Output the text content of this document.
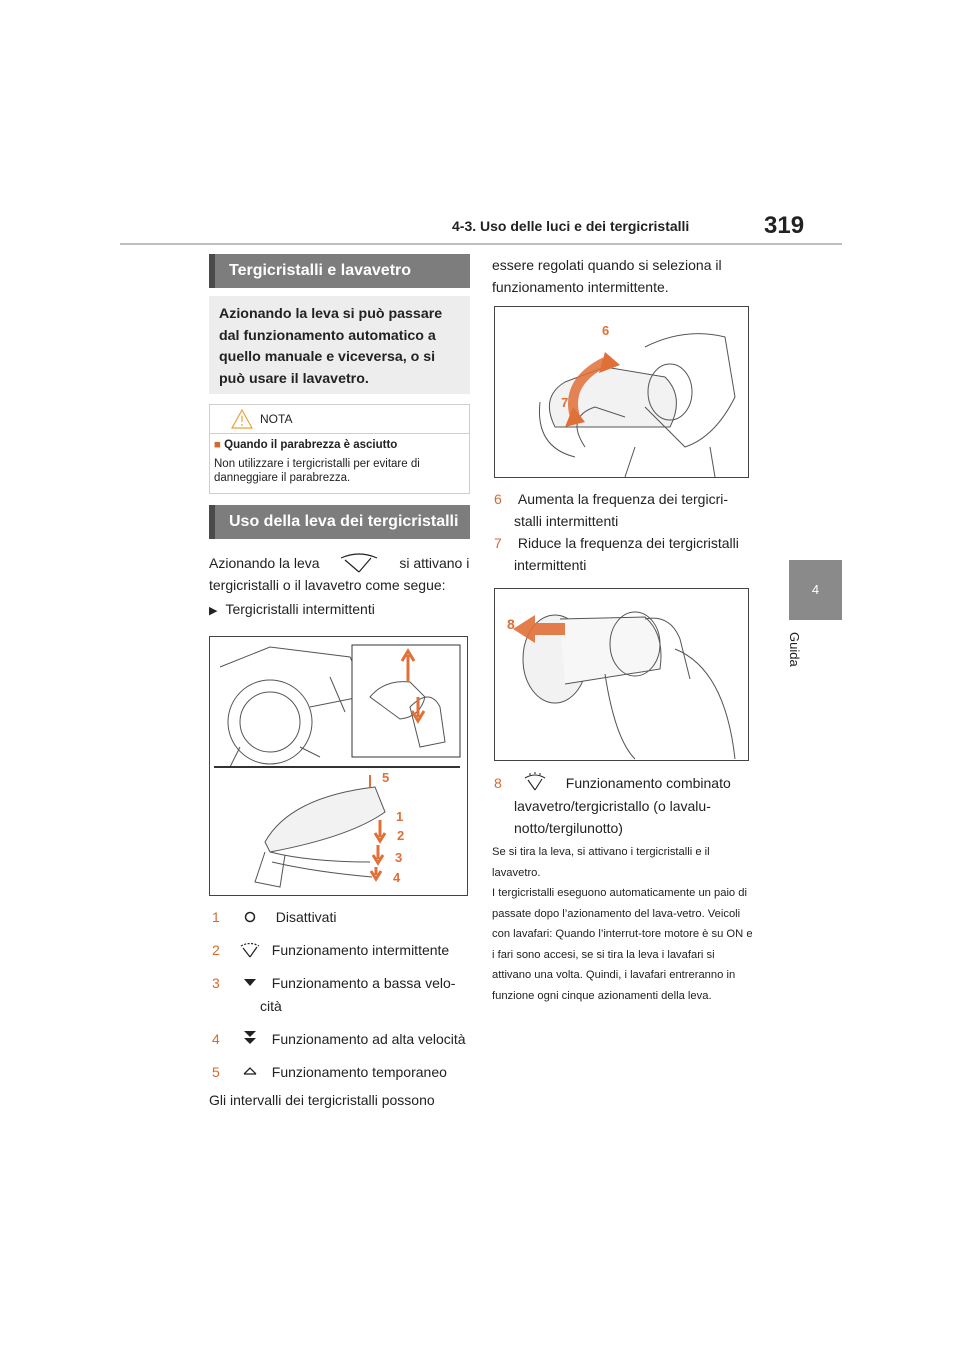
4-3. Uso delle luci e dei tergicristalli	319
4
Guida
Tergicristalli e lavavetro
Azionando la leva si può passare dal funzionamento automatico a quello manuale e viceversa, o si può usare il lavavetro.
NOTA
■ Quando il parabrezza è asciutto
Non utilizzare i tergicristalli per evitare di danneggiare il parabrezza.
Uso della leva dei tergicristalli
Azionando la leva	si attivano i
tergicristalli o il lavavetro come segue:
▶ Tergicristalli intermittenti
5
1
2
3
4
1	Disattivati
2	Funzionamento intermittente
3	Funzionamento a bassa velo-
cità
4	Funzionamento ad alta velocità
5	Funzionamento temporaneo
Gli intervalli dei tergicristalli possono
essere regolati quando si seleziona il
funzionamento intermittente.
6
7
6 Aumenta la frequenza dei tergicri-
stalli intermittenti
7 Riduce la frequenza dei tergicristalli
intermittenti
8
8	Funzionamento combinato
lavavetro/tergicristallo (o lavalu-
notto/tergilunotto)
Se si tira la leva, si attivano i tergicristalli e il lavavetro.
I tergicristalli eseguono automaticamente un paio di passate dopo l’azionamento del lava-vetro. Veicoli con lavafari: Quando l’interrut-tore motore è su ON e i fari sono accesi, se si tira la leva i lavafari si attivano una volta. Quindi, i lavafari entreranno in funzione ogni cinque azionamenti della leva.
